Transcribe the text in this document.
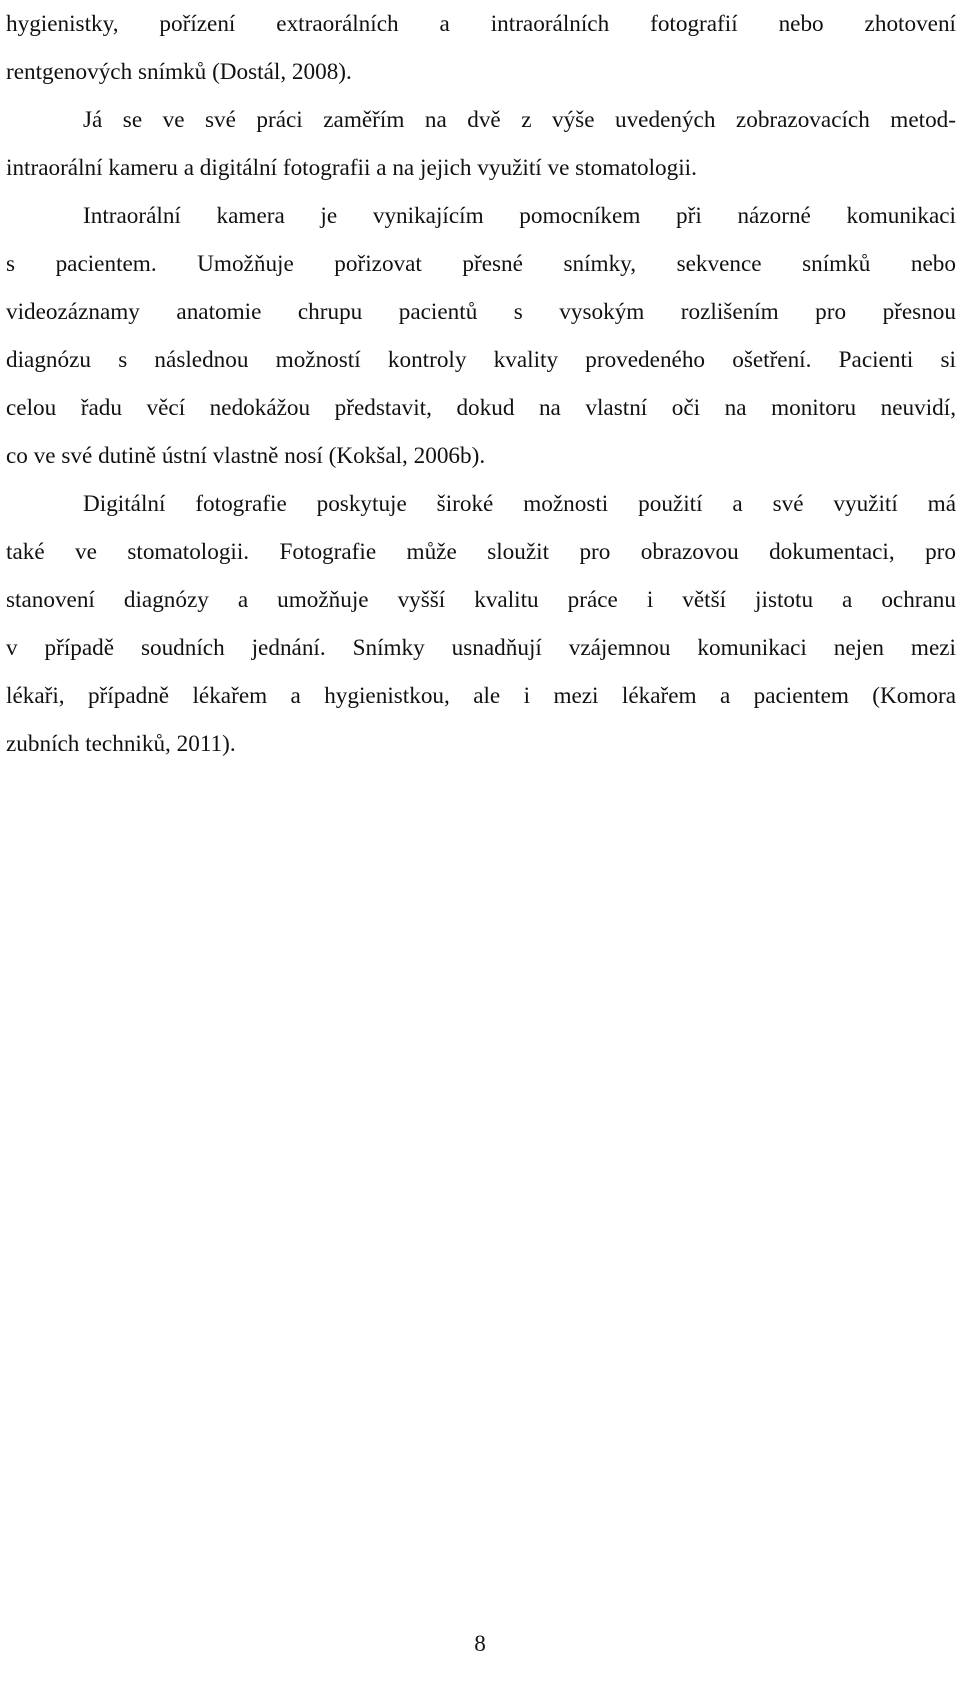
hygienistky, pořízení extraorálních a intraorálních fotografií nebo zhotovení
rentgenových snímků (Dostál, 2008).
Já se ve své práci zaměřím na dvě z výše uvedených zobrazovacích metod-
intraorální kameru a digitální fotografii a na jejich využití ve stomatologii.
Intraorální kamera je vynikajícím pomocníkem při názorné komunikaci
s pacientem. Umožňuje pořizovat přesné snímky, sekvence snímků nebo
videozáznamy anatomie chrupu pacientů s vysokým rozlišením pro přesnou
diagnózu s následnou možností kontroly kvality provedeného ošetření. Pacienti si
celou řadu věcí nedokážou představit, dokud na vlastní oči na monitoru neuvidí,
co ve své dutině ústní vlastně nosí (Kokšal, 2006b).
Digitální fotografie poskytuje široké možnosti použití a své využití má
také ve stomatologii. Fotografie může sloužit pro obrazovou dokumentaci, pro
stanovení diagnózy a umožňuje vyšší kvalitu práce i větší jistotu a ochranu
v případě soudních jednání. Snímky usnadňují vzájemnou komunikaci nejen mezi
lékaři, případně lékařem a hygienistkou, ale i mezi lékařem a pacientem (Komora
zubních techniků, 2011).
8
